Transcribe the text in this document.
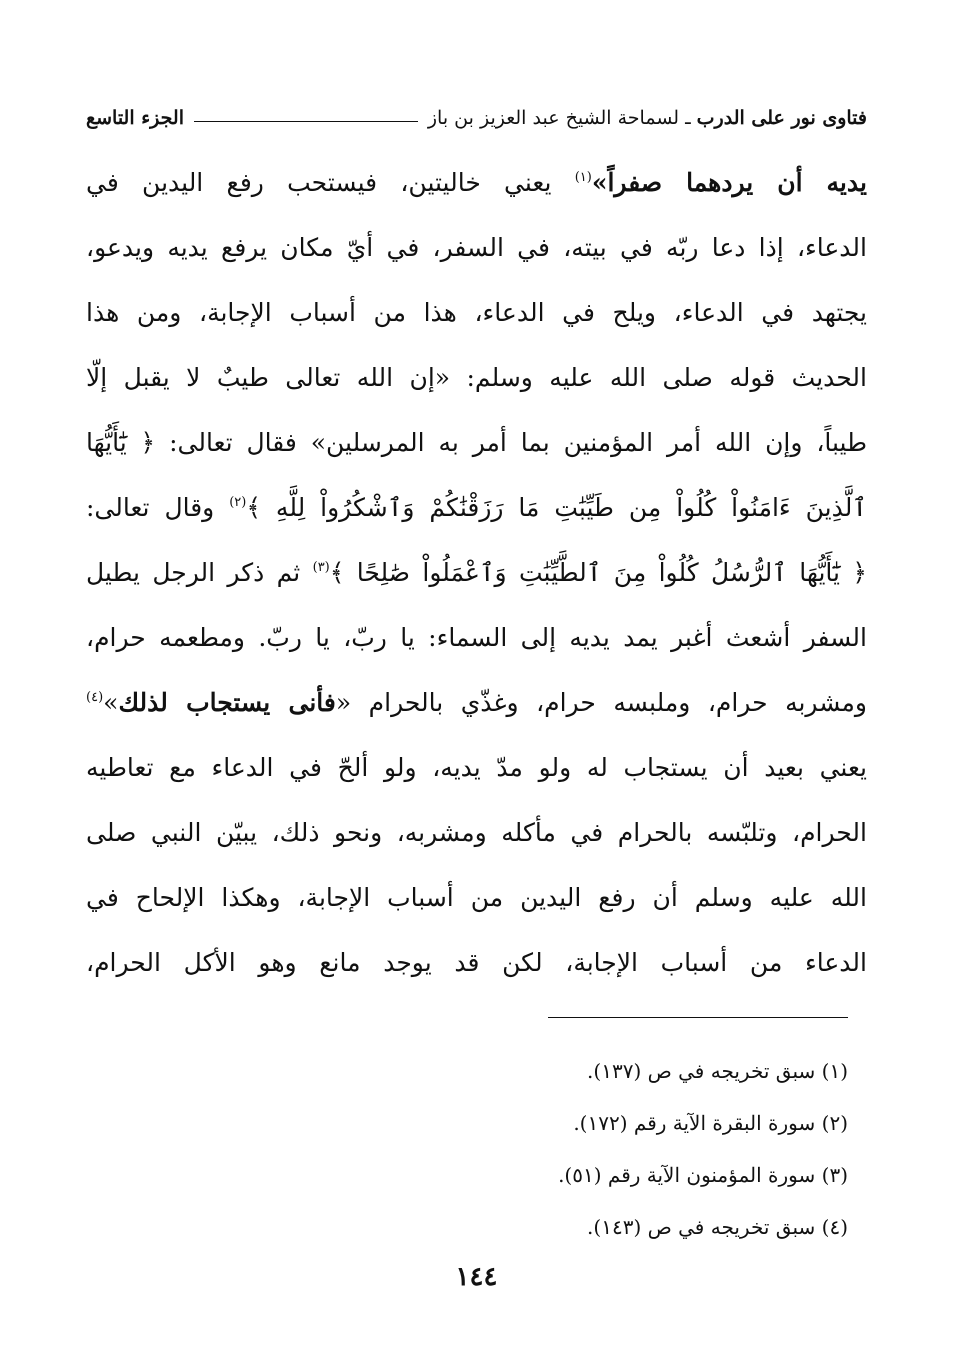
فتاوى نور على الدرب
ـ
لسماحة الشيخ عبد العزيز بن باز
الجزء التاسع
يديه أن يردهما صفراً»$^{(١)}$ يعني خاليتين، فيستحب رفع اليدين في
الدعاء، إذا دعا ربّه في بيته، في السفر، في أيّ مكان يرفع يديه ويدعو،
يجتهد في الدعاء، ويلح في الدعاء، هذا من أسباب الإجابة، ومن هذا
الحديث قوله صلى الله عليه وسلم: «إن الله تعالى طيبٌ لا يقبل إلّا
طيباً، وإن الله أمر المؤمنين بما أمر به المرسلين» فقال تعالى: ﴿ يَٰٓأَيُّهَا
ٱلَّذِينَ ءَامَنُواْ كُلُواْ مِن طَيِّبَٰتِ مَا رَزَقْنَٰكُمْ وَٱشْكُرُواْ لِلَّهِ ﴾$^{(٢)}$ وقال تعالى:
﴿ يَٰٓأَيُّهَا ٱلرُّسُلُ كُلُواْ مِنَ ٱلطَّيِّبَٰتِ وَٱعْمَلُواْ صَٰلِحًا ﴾$^{(٣)}$ ثم ذكر الرجل يطيل
السفر أشعث أغبر يمد يديه إلى السماء: يا ربّ، يا ربّ. ومطعمه حرام،
ومشربه حرام، وملبسه حرام، وغذّي بالحرام «فأنى يستجاب لذلك»$^{(٤)}$
يعني بعيد أن يستجاب له ولو مدّ يديه، ولو ألحّ في الدعاء مع تعاطيه
الحرام، وتلبّسه بالحرام في مأكله ومشربه، ونحو ذلك، يبيّن النبي صلى
الله عليه وسلم أن رفع اليدين من أسباب الإجابة، وهكذا الإلحاح في
الدعاء من أسباب الإجابة، لكن قد يوجد مانع وهو الأكل الحرام،
(١) سبق تخريجه في ص (١٣٧).
(٢) سورة البقرة الآية رقم (١٧٢).
(٣) سورة المؤمنون الآية رقم (٥١).
(٤) سبق تخريجه في ص (١٤٣).
١٤٤
